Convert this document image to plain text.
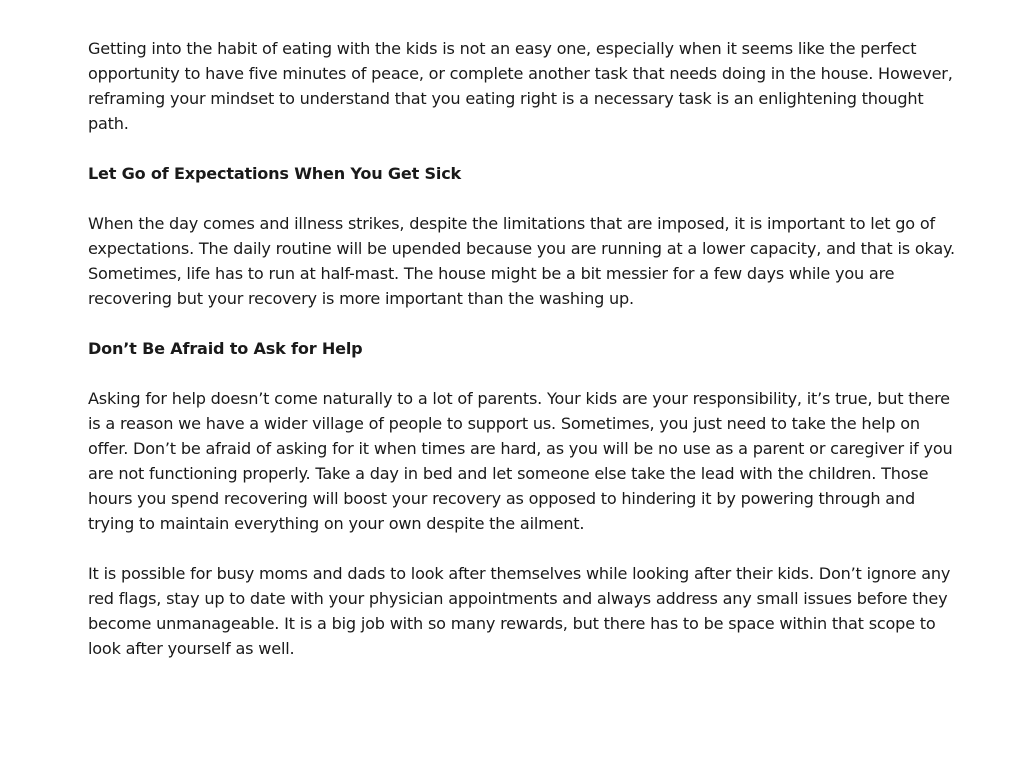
Getting into the habit of eating with the kids is not an easy one, especially when it seems like the perfect opportunity to have five minutes of peace, or complete another task that needs doing in the house. However, reframing your mindset to understand that you eating right is a necessary task is an enlightening thought path.

Let Go of Expectations When You Get Sick

When the day comes and illness strikes, despite the limitations that are imposed, it is important to let go of expectations. The daily routine will be upended because you are running at a lower capacity, and that is okay. Sometimes, life has to run at half-mast. The house might be a bit messier for a few days while you are recovering but your recovery is more important than the washing up.

Don’t Be Afraid to Ask for Help

Asking for help doesn’t come naturally to a lot of parents. Your kids are your responsibility, it’s true, but there is a reason we have a wider village of people to support us. Sometimes, you just need to take the help on offer. Don’t be afraid of asking for it when times are hard, as you will be no use as a parent or caregiver if you are not functioning properly. Take a day in bed and let someone else take the lead with the children. Those hours you spend recovering will boost your recovery as opposed to hindering it by powering through and trying to maintain everything on your own despite the ailment.

It is possible for busy moms and dads to look after themselves while looking after their kids. Don’t ignore any red flags, stay up to date with your physician appointments and always address any small issues before they become unmanageable. It is a big job with so many rewards, but there has to be space within that scope to look after yourself as well.
